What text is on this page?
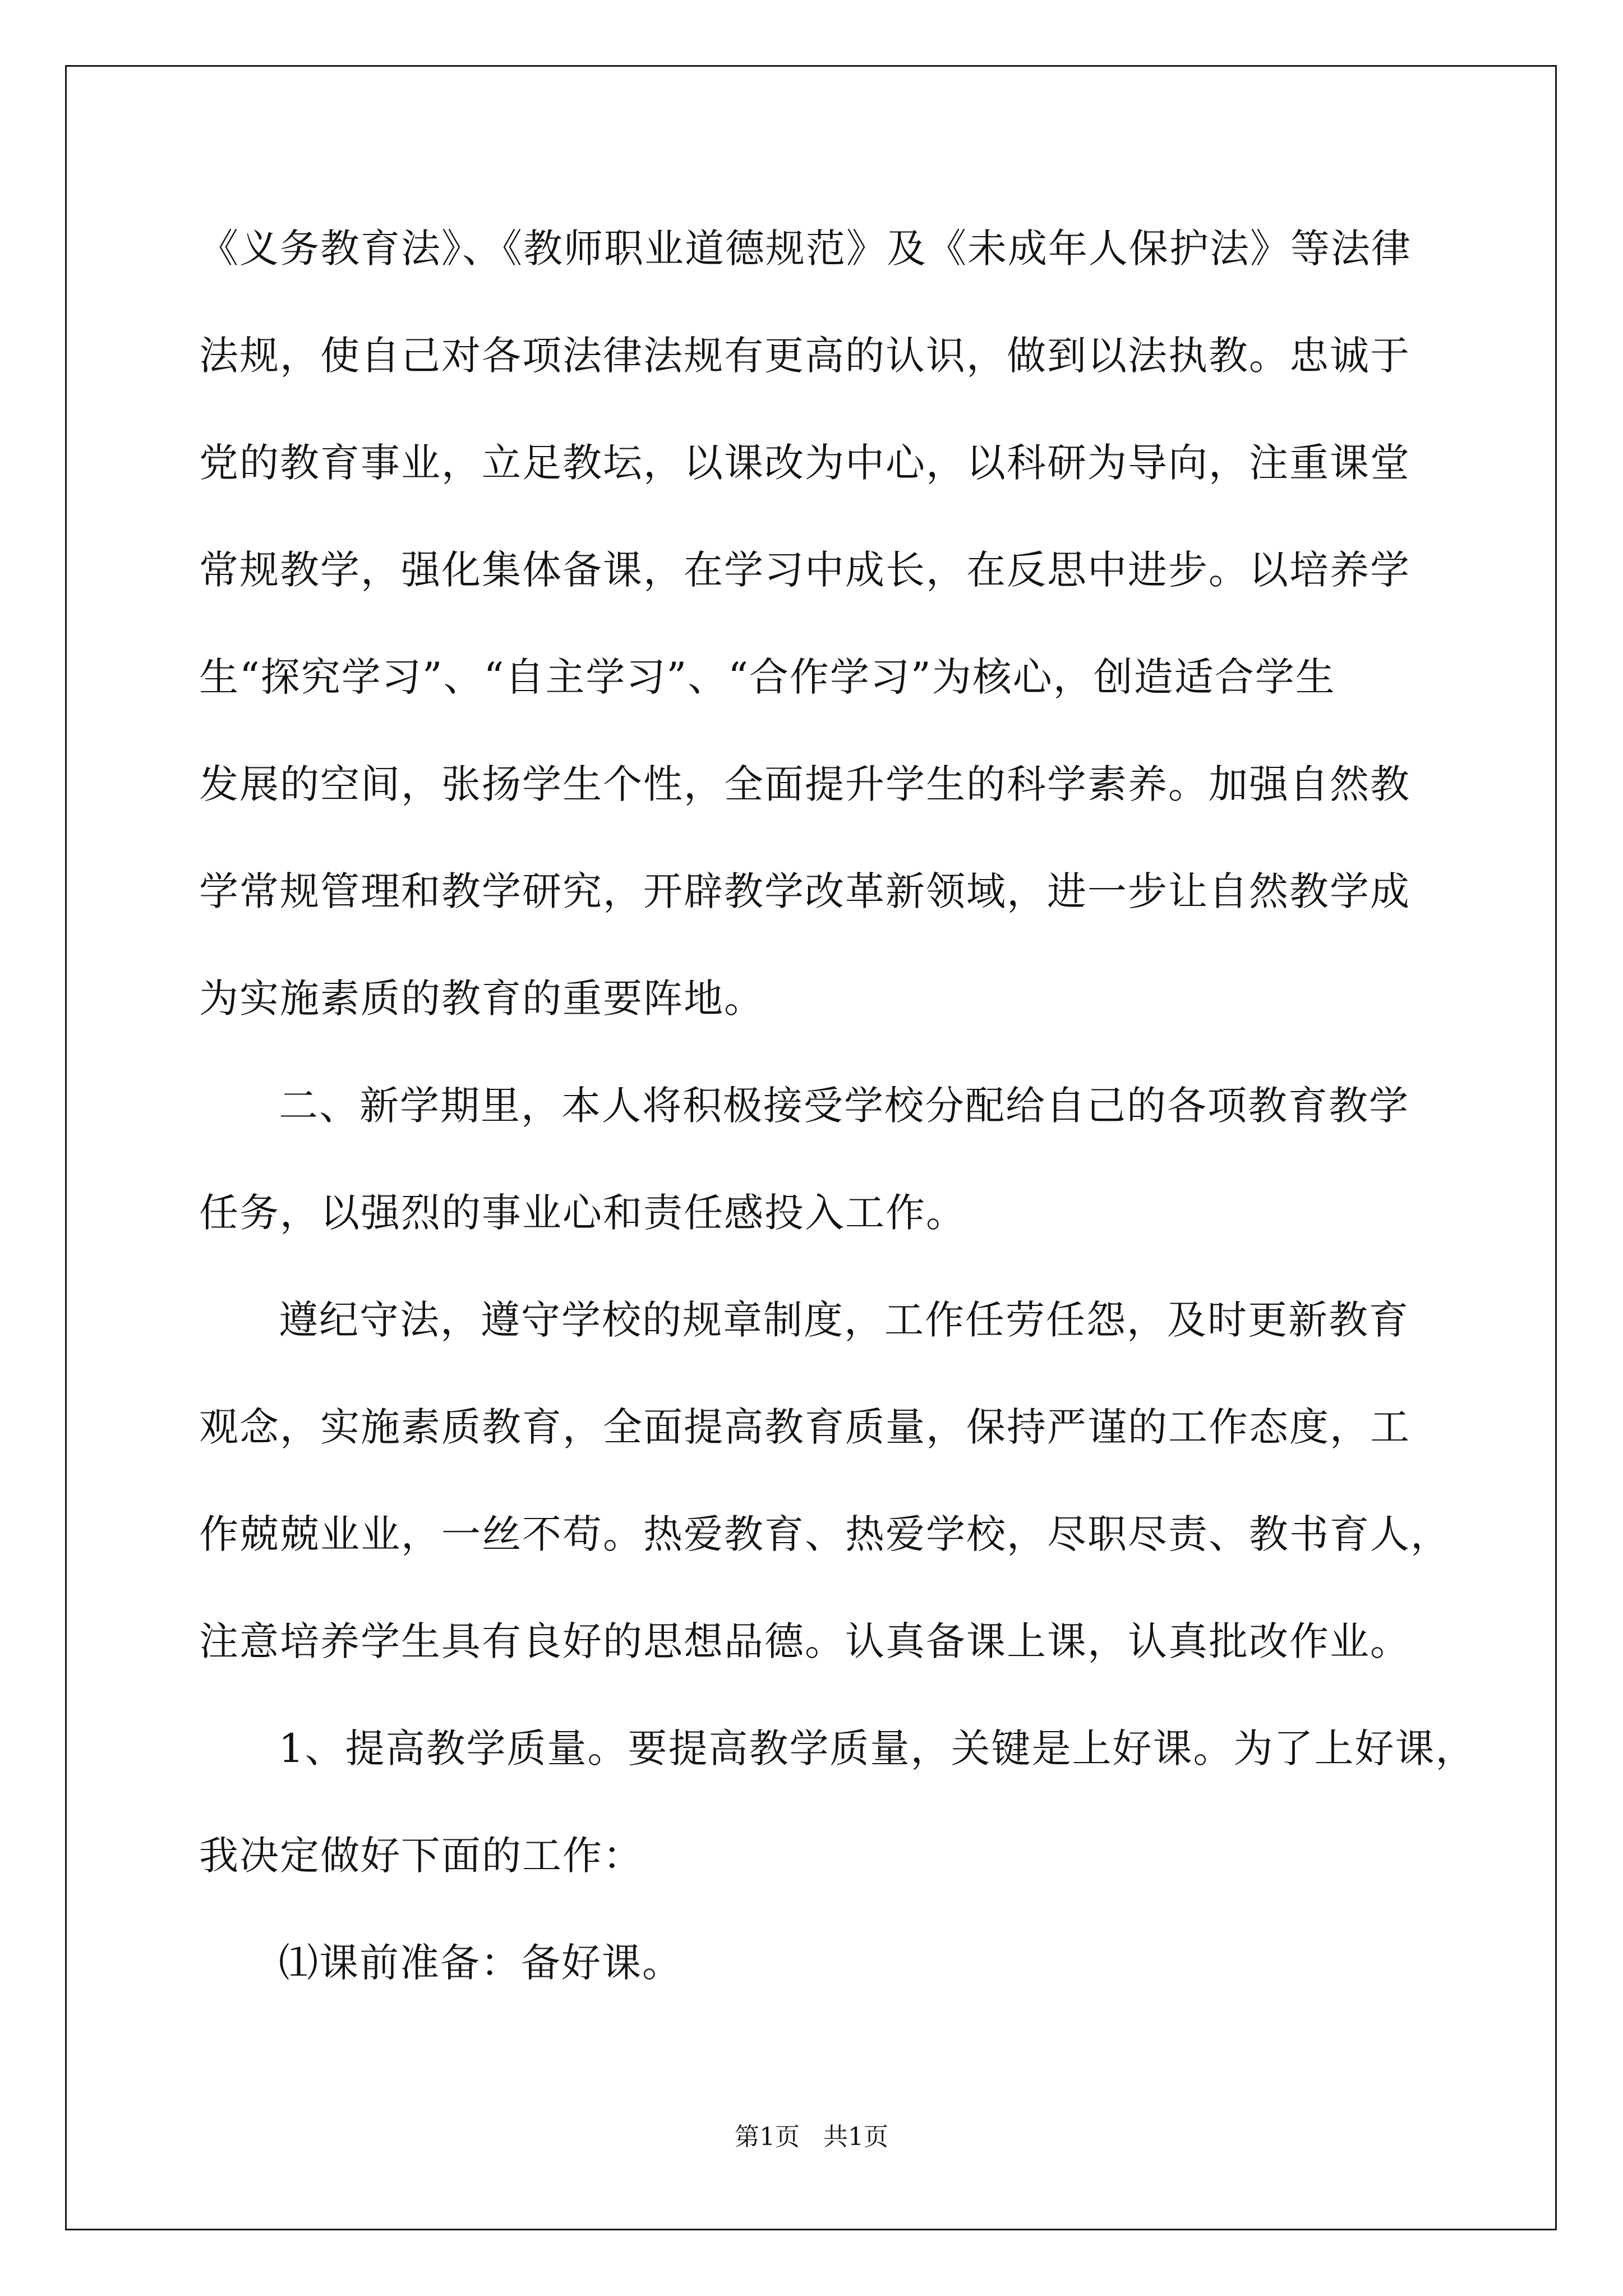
《义务教育法》、《教师职业道德规范》及《未成年人保护法》等法律
法规，使自己对各项法律法规有更高的认识，做到以法执教。忠诚于
党的教育事业，立足教坛，以课改为中心，以科研为导向，注重课堂
常规教学，强化集体备课，在学习中成长，在反思中进步。以培养学
生“探究学习”、“自主学习”、“合作学习”为核心，创造适合学生
发展的空间，张扬学生个性，全面提升学生的科学素养。加强自然教
学常规管理和教学研究，开辟教学改革新领域，进一步让自然教学成
为实施素质的教育的重要阵地。
二、新学期里，本人将积极接受学校分配给自己的各项教育教学
任务，以强烈的事业心和责任感投入工作。
遵纪守法，遵守学校的规章制度，工作任劳任怨，及时更新教育
观念，实施素质教育，全面提高教育质量，保持严谨的工作态度，工
作兢兢业业，一丝不苟。热爱教育、热爱学校，尽职尽责、教书育人，
注意培养学生具有良好的思想品德。认真备课上课，认真批改作业。
1、提高教学质量。要提高教学质量，关键是上好课。为了上好课，
我决定做好下面的工作：
⑴课前准备：备好课。
第1页   共1页
